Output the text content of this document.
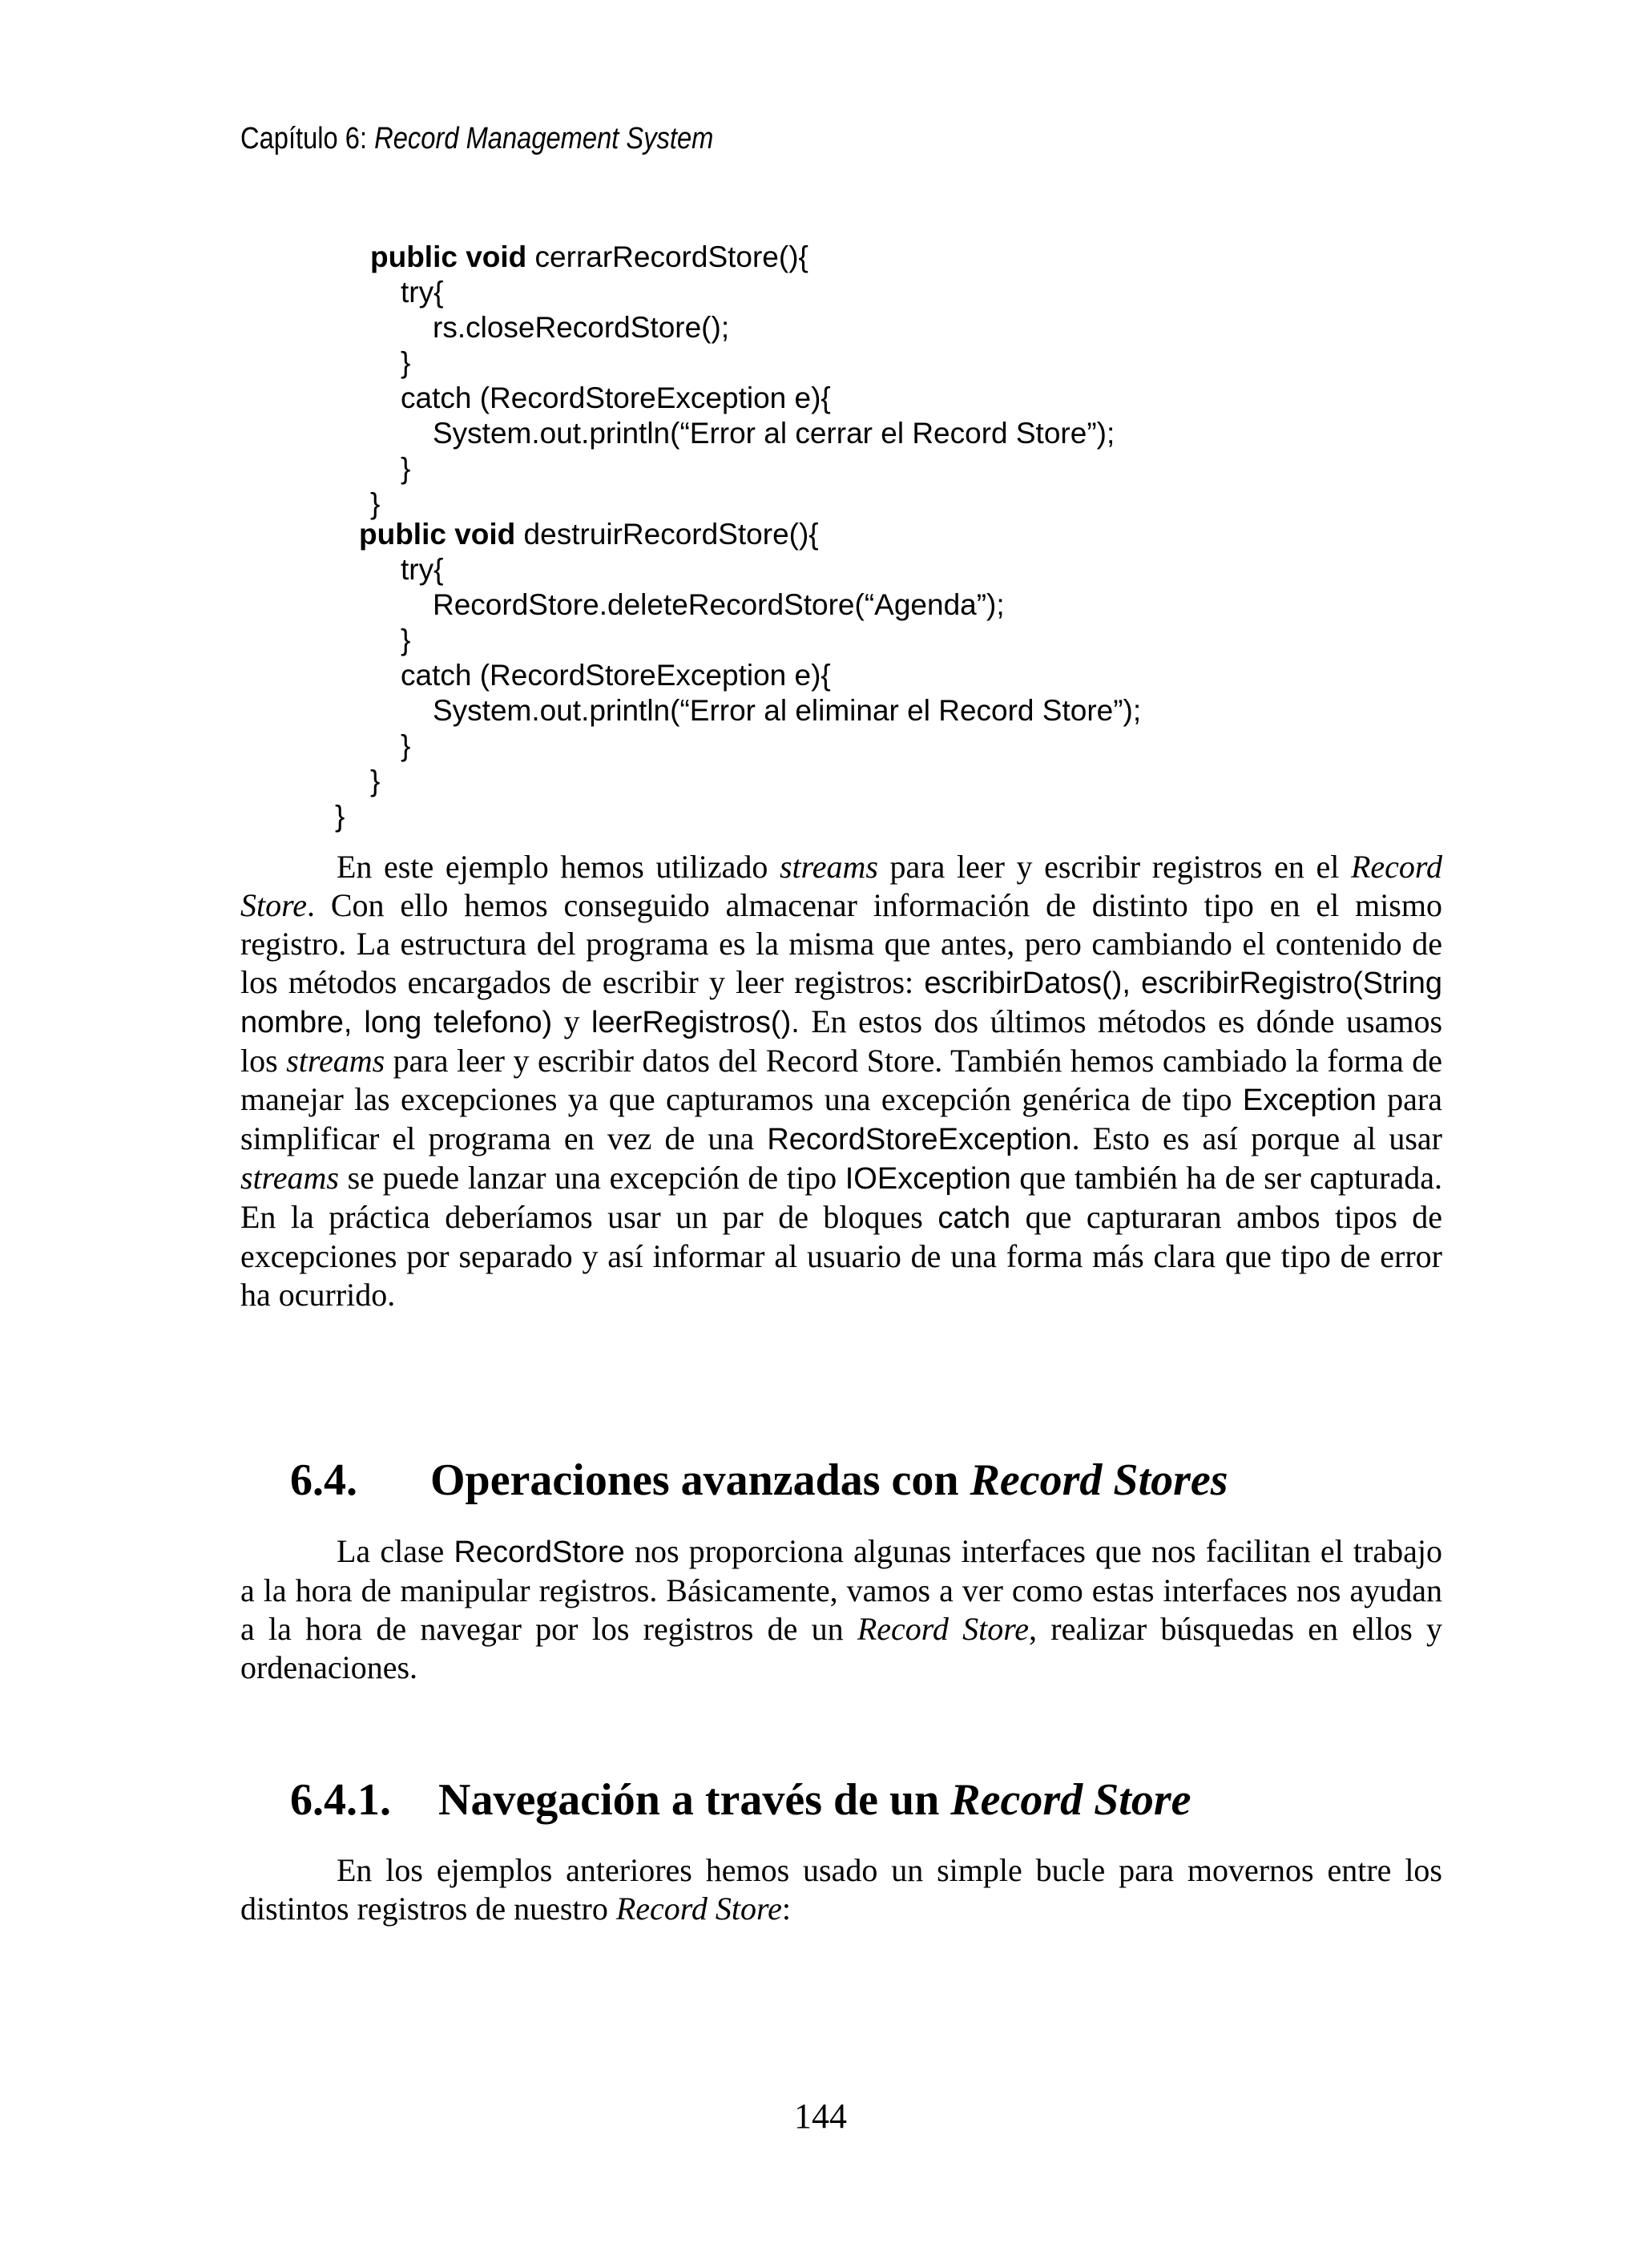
Capítulo 6: Record Management System
public void cerrarRecordStore(){
try{
rs.closeRecordStore();
}
catch (RecordStoreException e){
System.out.println(“Error al cerrar el Record Store”);
}
}
public void destruirRecordStore(){
try{
RecordStore.deleteRecordStore(“Agenda”);
}
catch (RecordStoreException e){
System.out.println(“Error al eliminar el Record Store”);
}
}
}

En este ejemplo hemos utilizado streams para leer y escribir registros en el Record Store. Con ello hemos conseguido almacenar información de distinto tipo en el mismo registro. La estructura del programa es la misma que antes, pero cambiando el contenido de los métodos encargados de escribir y leer registros: escribirDatos(), escribirRegistro(String nombre, long telefono) y leerRegistros(). En estos dos últimos métodos es dónde usamos los streams para leer y escribir datos del Record Store. También hemos cambiado la forma de manejar las excepciones ya que capturamos una excepción genérica de tipo Exception para simplificar el programa en vez de una RecordStoreException. Esto es así porque al usar streams se puede lanzar una excepción de tipo IOException que también ha de ser capturada. En la práctica deberíamos usar un par de bloques catch que capturaran ambos tipos de excepciones por separado y así informar al usuario de una forma más clara que tipo de error ha ocurrido.

6.4. Operaciones avanzadas con Record Stores

La clase RecordStore nos proporciona algunas interfaces que nos facilitan el trabajo a la hora de manipular registros. Básicamente, vamos a ver como estas interfaces nos ayudan a la hora de navegar por los registros de un Record Store, realizar búsquedas en ellos y ordenaciones.

6.4.1. Navegación a través de un Record Store

En los ejemplos anteriores hemos usado un simple bucle para movernos entre los distintos registros de nuestro Record Store:

144
